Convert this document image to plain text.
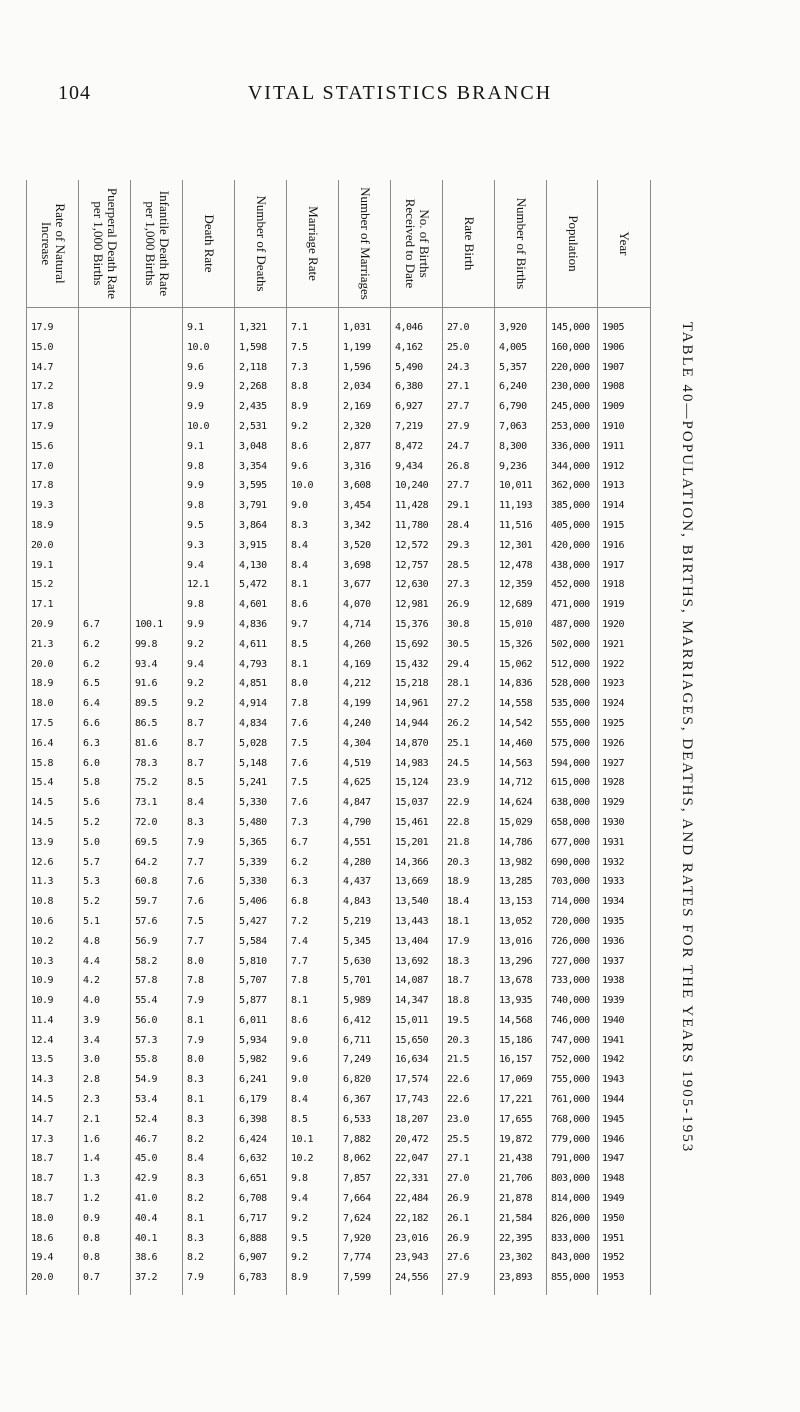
104	VITAL STATISTICS BRANCH
TABLE 40—POPULATION, BIRTHS, MARRIAGES, DEATHS, AND RATES FOR THE YEARS 1905-1953
Year
1905
1906
1907
1908
1909
1910
1911
1912
1913
1914
1915
1916
1917
1918
1919
1920
1921
1922
1923
1924
1925
1926
1927
1928
1929
1930
1931
1932
1933
1934
1935
1936
1937
1938
1939
1940
1941
1942
1943
1944
1945
1946
1947
1948
1949
1950
1951
1952
1953
Population
145,000
160,000
220,000
230,000
245,000
253,000
336,000
344,000
362,000
385,000
405,000
420,000
438,000
452,000
471,000
487,000
502,000
512,000
528,000
535,000
555,000
575,000
594,000
615,000
638,000
658,000
677,000
690,000
703,000
714,000
720,000
726,000
727,000
733,000
740,000
746,000
747,000
752,000
755,000
761,000
768,000
779,000
791,000
803,000
814,000
826,000
833,000
843,000
855,000
Number of Births
3,920
4,005
5,357
6,240
6,790
7,063
8,300
9,236
10,011
11,193
11,516
12,301
12,478
12,359
12,689
15,010
15,326
15,062
14,836
14,558
14,542
14,460
14,563
14,712
14,624
15,029
14,786
13,982
13,285
13,153
13,052
13,016
13,296
13,678
13,935
14,568
15,186
16,157
17,069
17,221
17,655
19,872
21,438
21,706
21,878
21,584
22,395
23,302
23,893
Rate Birth
27.0
25.0
24.3
27.1
27.7
27.9
24.7
26.8
27.7
29.1
28.4
29.3
28.5
27.3
26.9
30.8
30.5
29.4
28.1
27.2
26.2
25.1
24.5
23.9
22.9
22.8
21.8
20.3
18.9
18.4
18.1
17.9
18.3
18.7
18.8
19.5
20.3
21.5
22.6
22.6
23.0
25.5
27.1
27.0
26.9
26.1
26.9
27.6
27.9
No. of Births Received to Date
4,046
4,162
5,490
6,380
6,927
7,219
8,472
9,434
10,240
11,428
11,780
12,572
12,757
12,630
12,981
15,376
15,692
15,432
15,218
14,961
14,944
14,870
14,983
15,124
15,037
15,461
15,201
14,366
13,669
13,540
13,443
13,404
13,692
14,087
14,347
15,011
15,650
16,634
17,574
17,743
18,207
20,472
22,047
22,331
22,484
22,182
23,016
23,943
24,556
Number of Marriages
1,031
1,199
1,596
2,034
2,169
2,320
2,877
3,316
3,608
3,454
3,342
3,520
3,698
3,677
4,070
4,714
4,260
4,169
4,212
4,199
4,240
4,304
4,519
4,625
4,847
4,790
4,551
4,280
4,437
4,843
5,219
5,345
5,630
5,701
5,989
6,412
6,711
7,249
6,820
6,367
6,533
7,882
8,062
7,857
7,664
7,624
7,920
7,774
7,599
Marriage Rate
7.1
7.5
7.3
8.8
8.9
9.2
8.6
9.6
10.0
9.0
8.3
8.4
8.4
8.1
8.6
9.7
8.5
8.1
8.0
7.8
7.6
7.5
7.6
7.5
7.6
7.3
6.7
6.2
6.3
6.8
7.2
7.4
7.7
7.8
8.1
8.6
9.0
9.6
9.0
8.4
8.5
10.1
10.2
9.8
9.4
9.2
9.5
9.2
8.9
Number of Deaths
1,321
1,598
2,118
2,268
2,435
2,531
3,048
3,354
3,595
3,791
3,864
3,915
4,130
5,472
4,601
4,836
4,611
4,793
4,851
4,914
4,834
5,028
5,148
5,241
5,330
5,480
5,365
5,339
5,330
5,406
5,427
5,584
5,810
5,707
5,877
6,011
5,934
5,982
6,241
6,179
6,398
6,424
6,632
6,651
6,708
6,717
6,888
6,907
6,783
Death Rate
9.1
10.0
9.6
9.9
9.9
10.0
9.1
9.8
9.9
9.8
9.5
9.3
9.4
12.1
9.8
9.9
9.2
9.4
9.2
9.2
8.7
8.7
8.7
8.5
8.4
8.3
7.9
7.7
7.6
7.6
7.5
7.7
8.0
7.8
7.9
8.1
7.9
8.0
8.3
8.1
8.3
8.2
8.4
8.3
8.2
8.1
8.3
8.2
7.9
Infantile Death Rate per 1,000 Births
100.1
99.8
93.4
91.6
89.5
86.5
81.6
78.3
75.2
73.1
72.0
69.5
64.2
60.8
59.7
57.6
56.9
58.2
57.8
55.4
56.0
57.3
55.8
54.9
53.4
52.4
46.7
45.0
42.9
41.0
40.4
40.1
38.6
37.2
Puerperal Death Rate per 1,000 Births
6.7
6.2
6.2
6.5
6.4
6.6
6.3
6.0
5.8
5.6
5.2
5.0
5.7
5.3
5.2
5.1
4.8
4.4
4.2
4.0
3.9
3.4
3.0
2.8
2.3
2.1
1.6
1.4
1.3
1.2
0.9
0.8
0.8
0.7
Rate of Natural Increase
17.9
15.0
14.7
17.2
17.8
17.9
15.6
17.0
17.8
19.3
18.9
20.0
19.1
15.2
17.1
20.9
21.3
20.0
18.9
18.0
17.5
16.4
15.8
15.4
14.5
14.5
13.9
12.6
11.3
10.8
10.6
10.2
10.3
10.9
10.9
11.4
12.4
13.5
14.3
14.5
14.7
17.3
18.7
18.7
18.7
18.0
18.6
19.4
20.0
